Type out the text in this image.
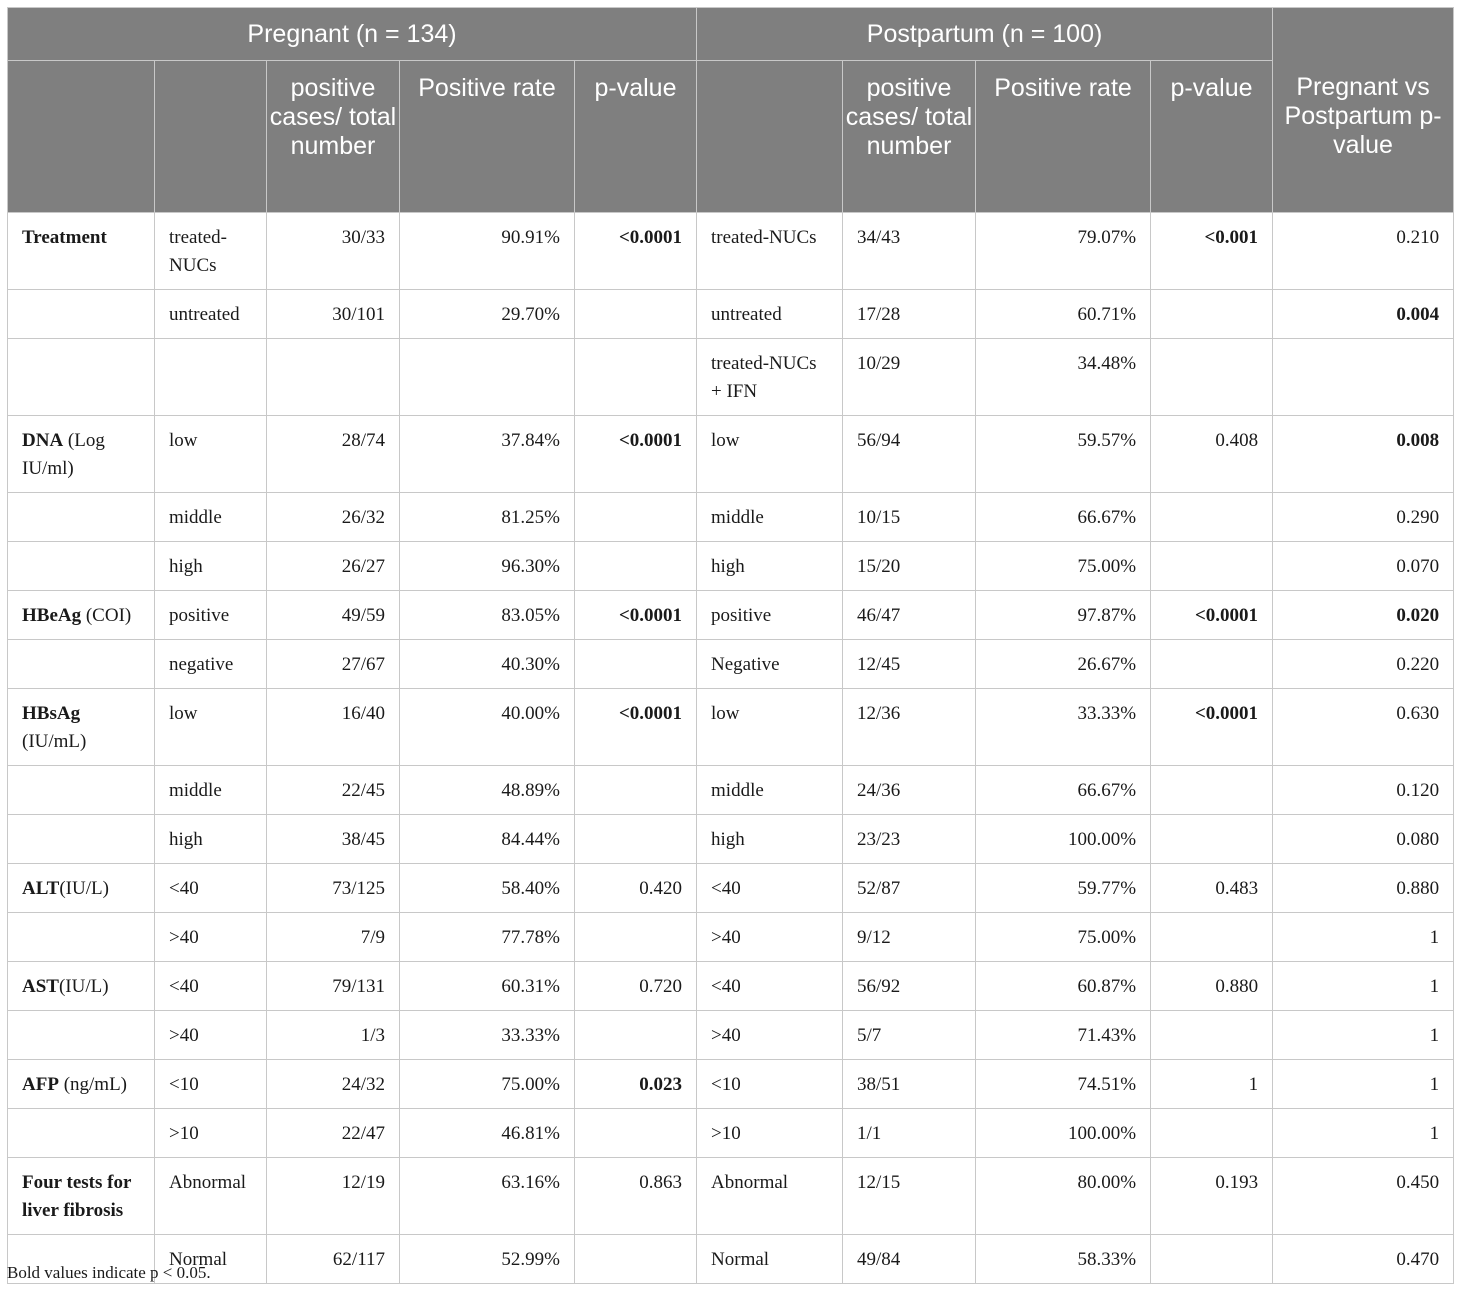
Pregnant (n = 134)					Postpartum (n = 100)				Pregnant vs Postpartum p-value
		positive cases/ total number	Positive rate	p-value		positive cases/ total number	Positive rate	p-value	
Treatment	treated-NUCs	30/33	90.91%	<0.0001	treated-NUCs	34/43	79.07%	<0.001	0.210
	untreated	30/101	29.70%		untreated	17/28	60.71%		0.004
					treated-NUCs + IFN	10/29	34.48%		
DNA (Log IU/ml)	low	28/74	37.84%	<0.0001	low	56/94	59.57%	0.408	0.008
	middle	26/32	81.25%		middle	10/15	66.67%		0.290
	high	26/27	96.30%		high	15/20	75.00%		0.070
HBeAg (COI)	positive	49/59	83.05%	<0.0001	positive	46/47	97.87%	<0.0001	0.020
	negative	27/67	40.30%		Negative	12/45	26.67%		0.220
HBsAg (IU/mL)	low	16/40	40.00%	<0.0001	low	12/36	33.33%	<0.0001	0.630
	middle	22/45	48.89%		middle	24/36	66.67%		0.120
	high	38/45	84.44%		high	23/23	100.00%		0.080
ALT(IU/L)	<40	73/125	58.40%	0.420	<40	52/87	59.77%	0.483	0.880
	>40	7/9	77.78%		>40	9/12	75.00%		1
AST(IU/L)	<40	79/131	60.31%	0.720	<40	56/92	60.87%	0.880	1
	>40	1/3	33.33%		>40	5/7	71.43%		1
AFP (ng/mL)	<10	24/32	75.00%	0.023	<10	38/51	74.51%	1	1
	>10	22/47	46.81%		>10	1/1	100.00%		1
Four tests for liver fibrosis	Abnormal	12/19	63.16%	0.863	Abnormal	12/15	80.00%	0.193	0.450
	Normal	62/117	52.99%		Normal	49/84	58.33%		0.470
Bold values indicate p < 0.05.
